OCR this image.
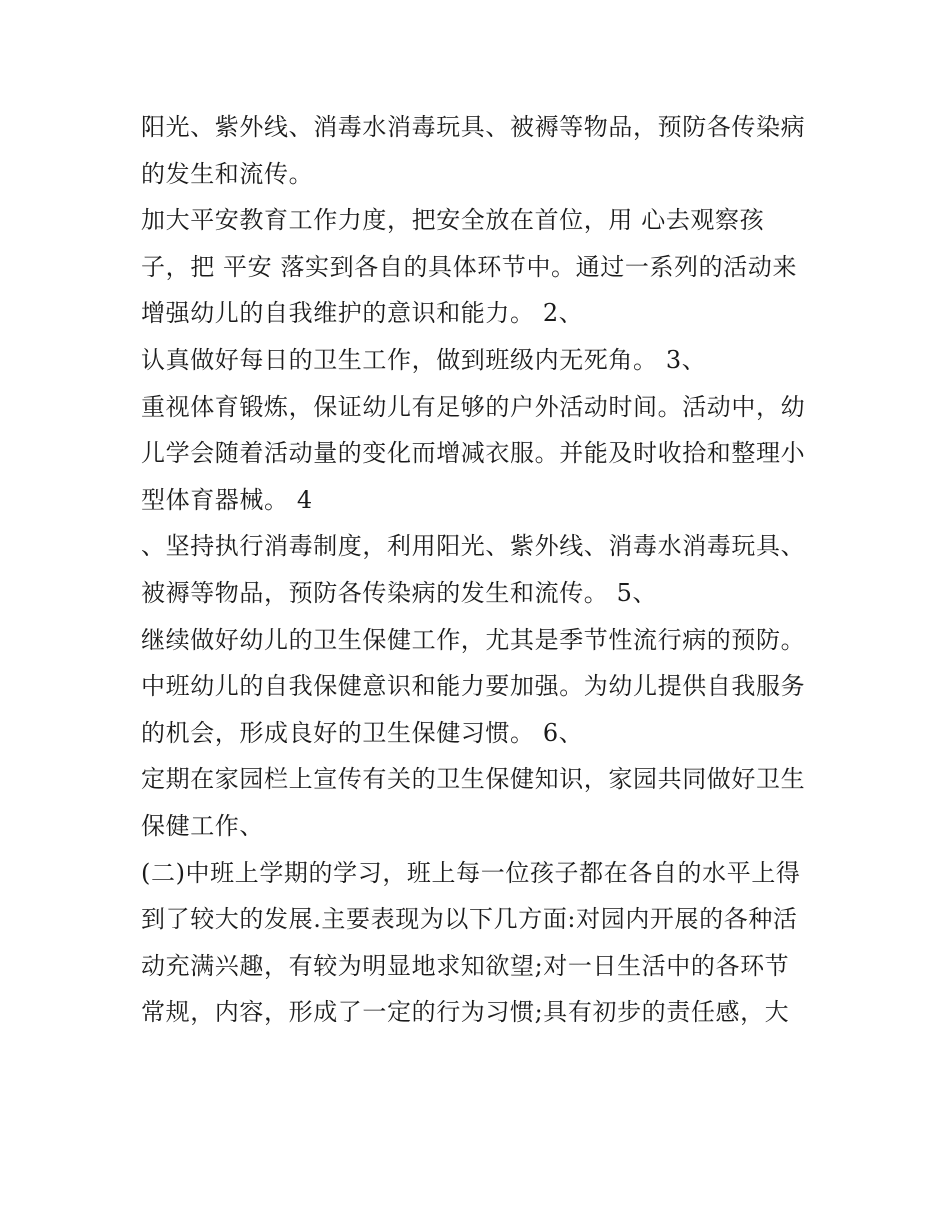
阳光、紫外线、消毒水消毒玩具、被褥等物品，预防各传染病
的发生和流传。
加大平安教育工作力度，把安全放在首位，用 心去观察孩
子，把 平安 落实到各自的具体环节中。通过一系列的活动来
增强幼儿的自我维护的意识和能力。 2、
认真做好每日的卫生工作，做到班级内无死角。 3、
重视体育锻炼，保证幼儿有足够的户外活动时间。活动中，幼
儿学会随着活动量的变化而增减衣服。并能及时收拾和整理小
型体育器械。 4
、坚持执行消毒制度，利用阳光、紫外线、消毒水消毒玩具、
被褥等物品，预防各传染病的发生和流传。 5、
继续做好幼儿的卫生保健工作，尤其是季节性流行病的预防。
中班幼儿的自我保健意识和能力要加强。为幼儿提供自我服务
的机会，形成良好的卫生保健习惯。 6、
定期在家园栏上宣传有关的卫生保健知识，家园共同做好卫生
保健工作、
(二)中班上学期的学习，班上每一位孩子都在各自的水平上得
到了较大的发展.主要表现为以下几方面:对园内开展的各种活
动充满兴趣，有较为明显地求知欲望;对一日生活中的各环节
常规，内容，形成了一定的行为习惯;具有初步的责任感，大
